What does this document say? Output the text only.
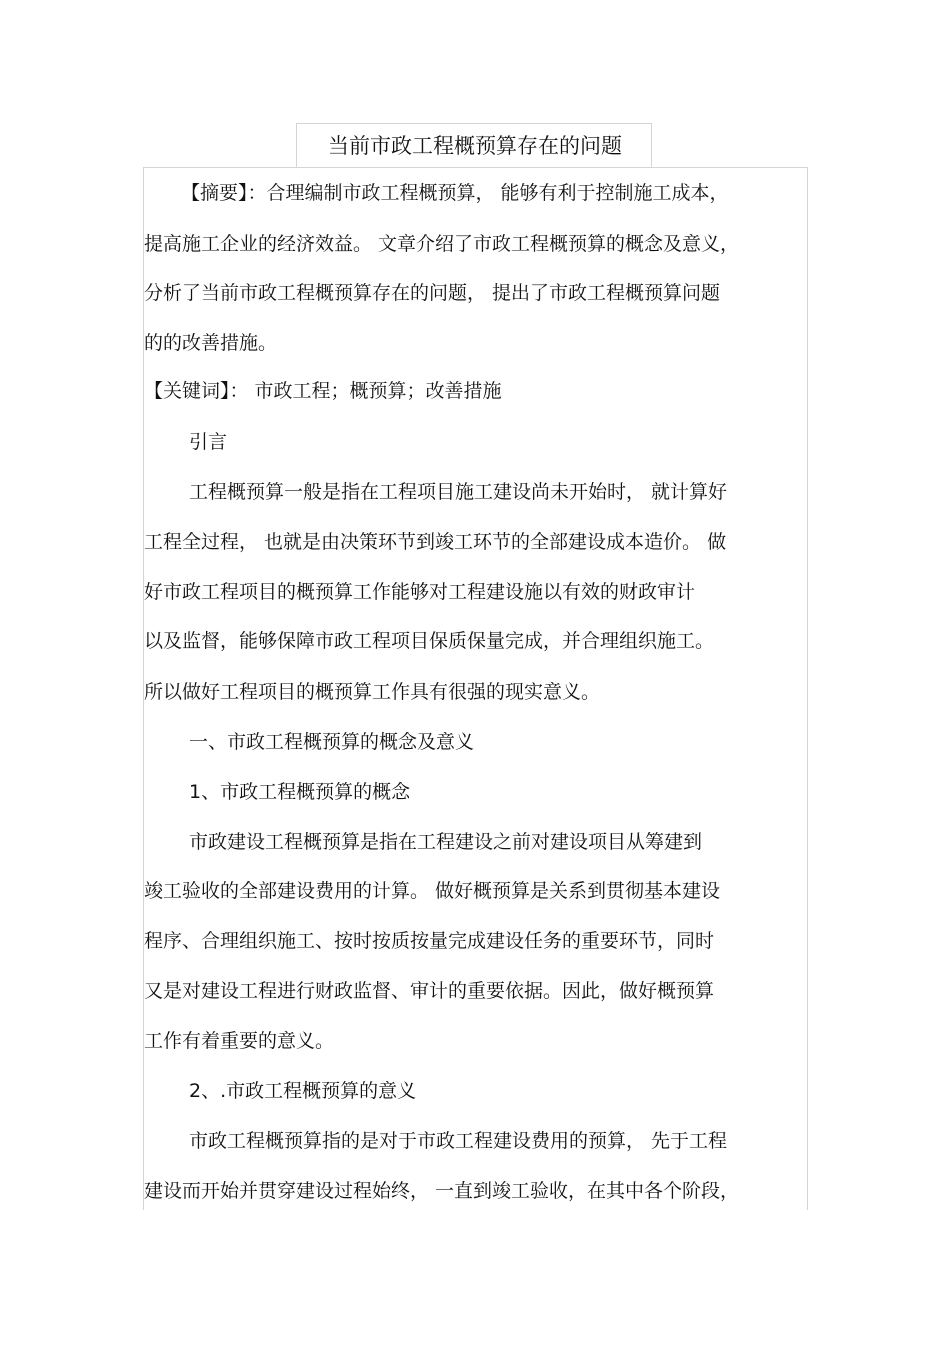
当前市政工程概预算存在的问题
【摘要】：合理编制市政工程概预算， 能够有利于控制施工成本，
提高施工企业的经济效益。 文章介绍了市政工程概预算的概念及意义，
分析了当前市政工程概预算存在的问题， 提出了市政工程概预算问题
的的改善措施。
【关键词】： 市政工程；概预算；改善措施
引言
工程概预算一般是指在工程项目施工建设尚未开始时， 就计算好
工程全过程， 也就是由决策环节到竣工环节的全部建设成本造价。 做
好市政工程项目的概预算工作能够对工程建设施以有效的财政审计
以及监督，能够保障市政工程项目保质保量完成，并合理组织施工。
所以做好工程项目的概预算工作具有很强的现实意义。
一、市政工程概预算的概念及意义
1、市政工程概预算的概念
市政建设工程概预算是指在工程建设之前对建设项目从筹建到
竣工验收的全部建设费用的计算。 做好概预算是关系到贯彻基本建设
程序、合理组织施工、按时按质按量完成建设任务的重要环节，同时
又是对建设工程进行财政监督、审计的重要依据。因此，做好概预算
工作有着重要的意义。
2、.市政工程概预算的意义
市政工程概预算指的是对于市政工程建设费用的预算， 先于工程
建设而开始并贯穿建设过程始终， 一直到竣工验收，在其中各个阶段，
